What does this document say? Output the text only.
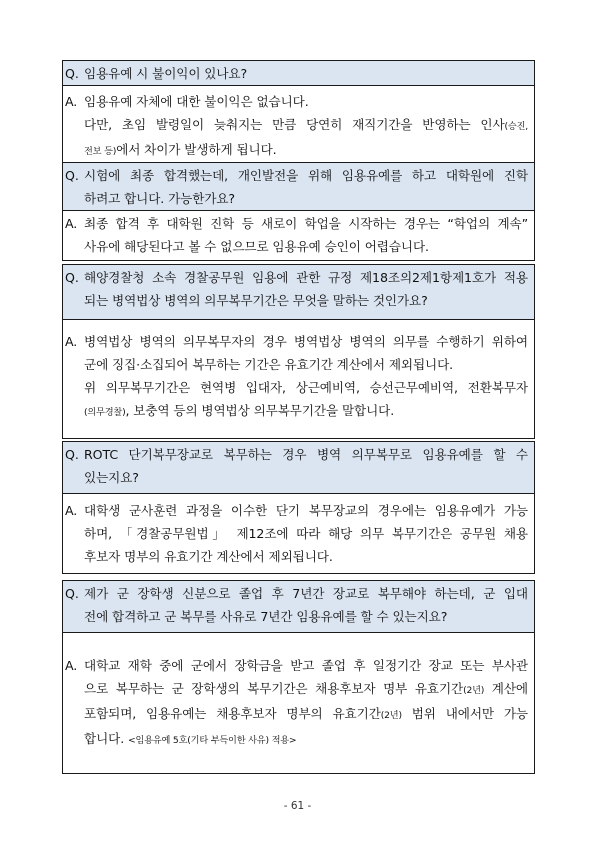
Q. 임용유예 시 불이익이 있나요?
A. 임용유예 자체에 대한 불이익은 없습니다.
다만, 초임 발령일이 늦춰지는 만큼 당연히 재직기간을 반영하는 인사(승진,
전보 등)에서 차이가 발생하게 됩니다.
Q. 시험에 최종 합격했는데, 개인발전을 위해 임용유예를 하고 대학원에 진학
하려고 합니다. 가능한가요?
A. 최종 합격 후 대학원 진학 등 새로이 학업을 시작하는 경우는 “학업의 계속”
사유에 해당된다고 볼 수 없으므로 임용유예 승인이 어렵습니다.
Q. 해양경찰청 소속 경찰공무원 임용에 관한 규정 제18조의2제1항제1호가 적용
되는 병역법상 병역의 의무복무기간은 무엇을 말하는 것인가요?
A. 병역법상 병역의 의무복무자의 경우 병역법상 병역의 의무를 수행하기 위하여
군에 징집·소집되어 복무하는 기간은 유효기간 계산에서 제외됩니다.
위 의무복무기간은 현역병 입대자, 상근예비역, 승선근무예비역, 전환복무자
(의무경찰), 보충역 등의 병역법상 의무복무기간을 말합니다.
Q. ROTC 단기복무장교로 복무하는 경우 병역 의무복무로 임용유예를 할 수
있는지요?
A. 대학생 군사훈련 과정을 이수한 단기 복무장교의 경우에는 임용유예가 가능
하며, 「경찰공무원법」 제12조에 따라 해당 의무 복무기간은 공무원 채용
후보자 명부의 유효기간 계산에서 제외됩니다.
Q. 제가 군 장학생 신분으로 졸업 후 7년간 장교로 복무해야 하는데, 군 입대
전에 합격하고 군 복무를 사유로 7년간 임용유예를 할 수 있는지요?
A. 대학교 재학 중에 군에서 장학금을 받고 졸업 후 일정기간 장교 또는 부사관
으로 복무하는 군 장학생의 복무기간은 채용후보자 명부 유효기간(2년) 계산에
포함되며, 임용유예는 채용후보자 명부의 유효기간(2년) 범위 내에서만 가능
합니다. <임용유예 5호(기타 부득이한 사유) 적용>
- 61 -
